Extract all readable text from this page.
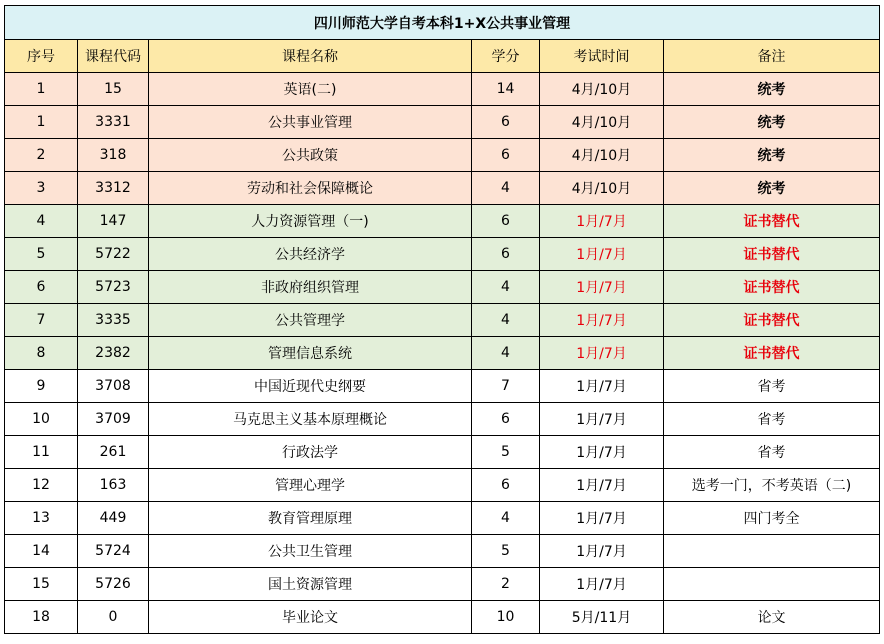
四川师范大学自考本科1+X公共事业管理					
序号	课程代码	课程名称	学分	考试时间	备注
1	15	英语(二)	14	4月/10月	统考
1	3331	公共事业管理	6	4月/10月	统考
2	318	公共政策	6	4月/10月	统考
3	3312	劳动和社会保障概论	4	4月/10月	统考
4	147	人力资源管理（一)	6	1月/7月	证书替代
5	5722	公共经济学	6	1月/7月	证书替代
6	5723	非政府组织管理	4	1月/7月	证书替代
7	3335	公共管理学	4	1月/7月	证书替代
8	2382	管理信息系统	4	1月/7月	证书替代
9	3708	中国近现代史纲要	7	1月/7月	省考
10	3709	马克思主义基本原理概论	6	1月/7月	省考
11	261	行政法学	5	1月/7月	省考
12	163	管理心理学	6	1月/7月	选考一门，不考英语（二)
13	449	教育管理原理	4	1月/7月	四门考全
14	5724	公共卫生管理	5	1月/7月	
15	5726	国土资源管理	2	1月/7月	
18	0	毕业论文	10	5月/11月	论文
